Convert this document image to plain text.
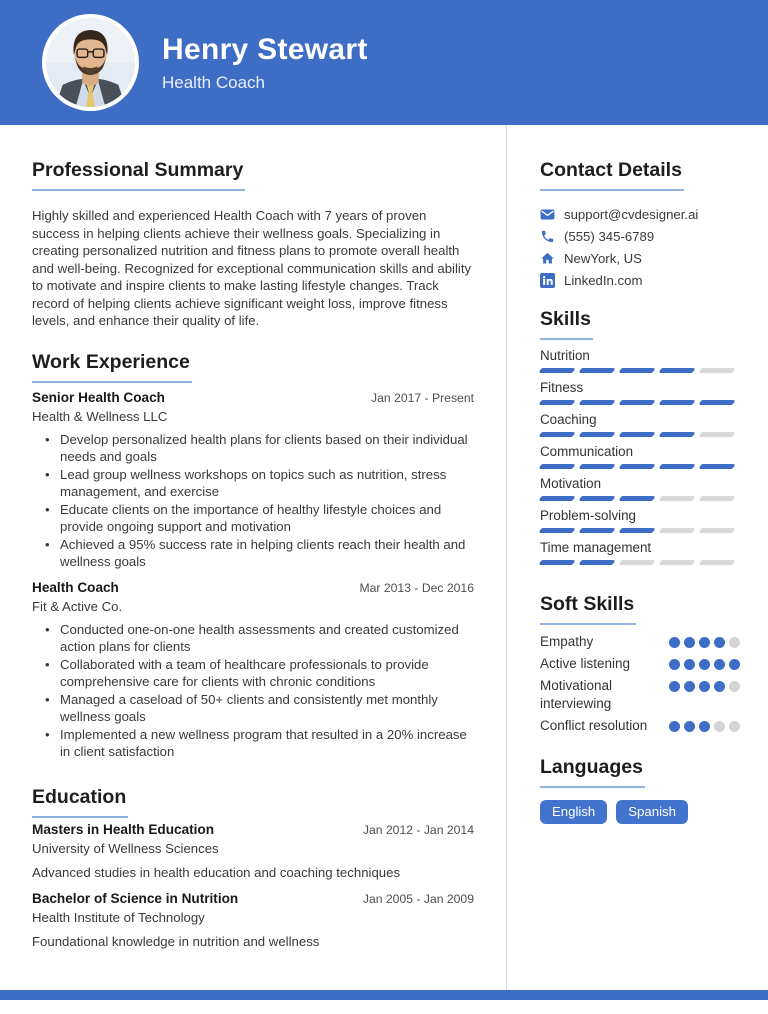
Henry Stewart
Health Coach
Professional Summary
Highly skilled and experienced Health Coach with 7 years of proven success in helping clients achieve their wellness goals. Specializing in creating personalized nutrition and fitness plans to promote overall health and well-being. Recognized for exceptional communication skills and ability to motivate and inspire clients to make lasting lifestyle changes. Track record of helping clients achieve significant weight loss, improve fitness levels, and enhance their quality of life.
Work Experience
Senior Health Coach	Jan 2017 - Present
Health & Wellness LLC
• Develop personalized health plans for clients based on their individual needs and goals
• Lead group wellness workshops on topics such as nutrition, stress management, and exercise
• Educate clients on the importance of healthy lifestyle choices and provide ongoing support and motivation
• Achieved a 95% success rate in helping clients reach their health and wellness goals
Health Coach	Mar 2013 - Dec 2016
Fit & Active Co.
• Conducted one-on-one health assessments and created customized action plans for clients
• Collaborated with a team of healthcare professionals to provide comprehensive care for clients with chronic conditions
• Managed a caseload of 50+ clients and consistently met monthly wellness goals
• Implemented a new wellness program that resulted in a 20% increase in client satisfaction
Education
Masters in Health Education	Jan 2012 - Jan 2014
University of Wellness Sciences
Advanced studies in health education and coaching techniques
Bachelor of Science in Nutrition	Jan 2005 - Jan 2009
Health Institute of Technology
Foundational knowledge in nutrition and wellness
Contact Details
support@cvdesigner.ai
(555) 345-6789
NewYork, US
LinkedIn.com
Skills
Nutrition
Fitness
Coaching
Communication
Motivation
Problem-solving
Time management
Soft Skills
Empathy
Active listening
Motivational interviewing
Conflict resolution
Languages
English	Spanish
